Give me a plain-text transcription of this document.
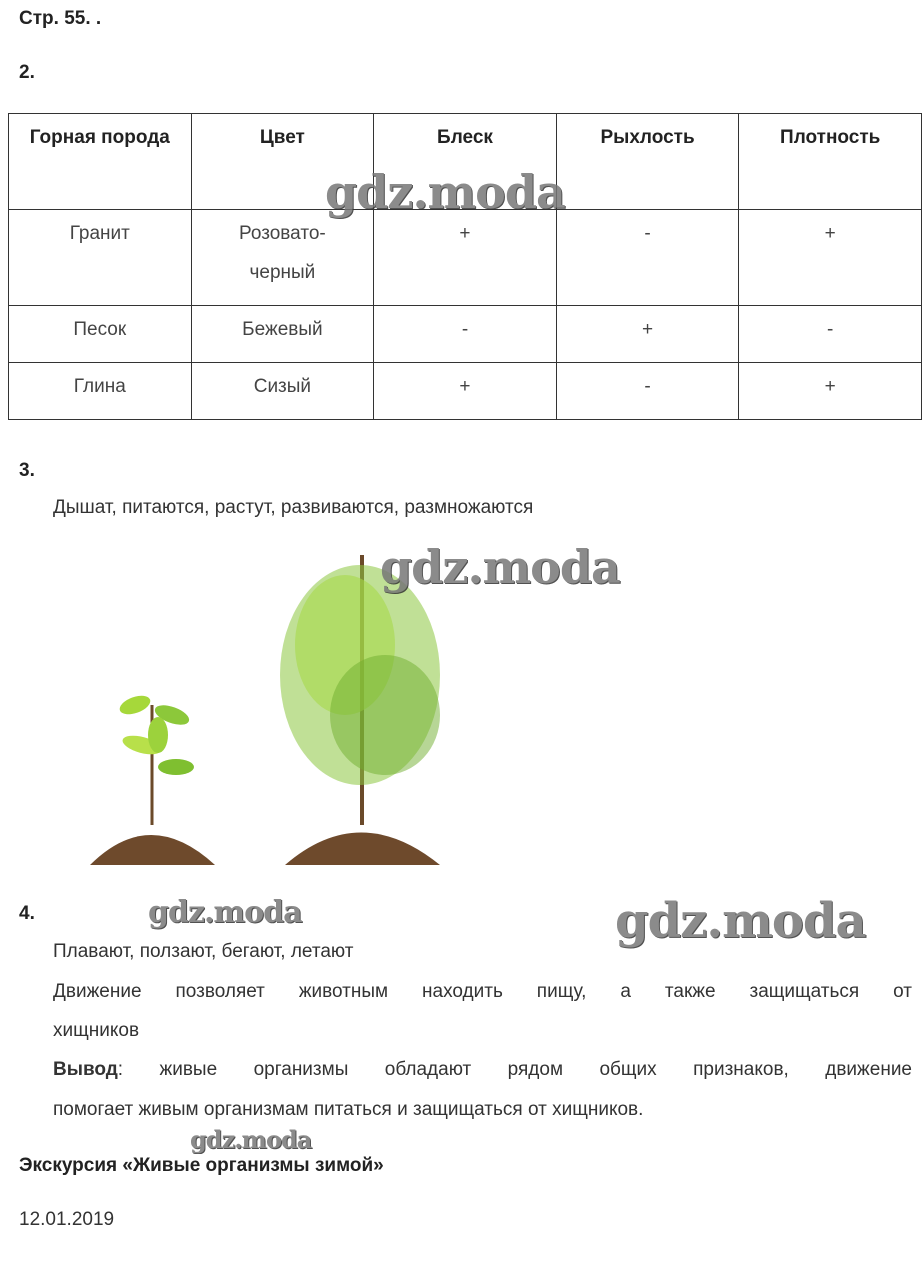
Стр. 55. .
2.
Горная порода	Цвет	Блеск	Рыхлость	Плотность
Гранит	Розовато-черный	+	-	+
Песок	Бежевый	-	+	-
Глина	Сизый	+	-	+
3.
Дышат, питаются, растут, развиваются, размножаются
gdz.moda
gdz.moda
gdz.moda	gdz.moda
gdz.moda
4.
Плавают, ползают, бегают, летают
Движение позволяет животным находить пищу, а также защищаться от
хищников
Вывод: живые организмы обладают рядом общих признаков, движение
помогает живым организмам питаться и защищаться от хищников.
Экскурсия «Живые организмы зимой»
12.01.2019
